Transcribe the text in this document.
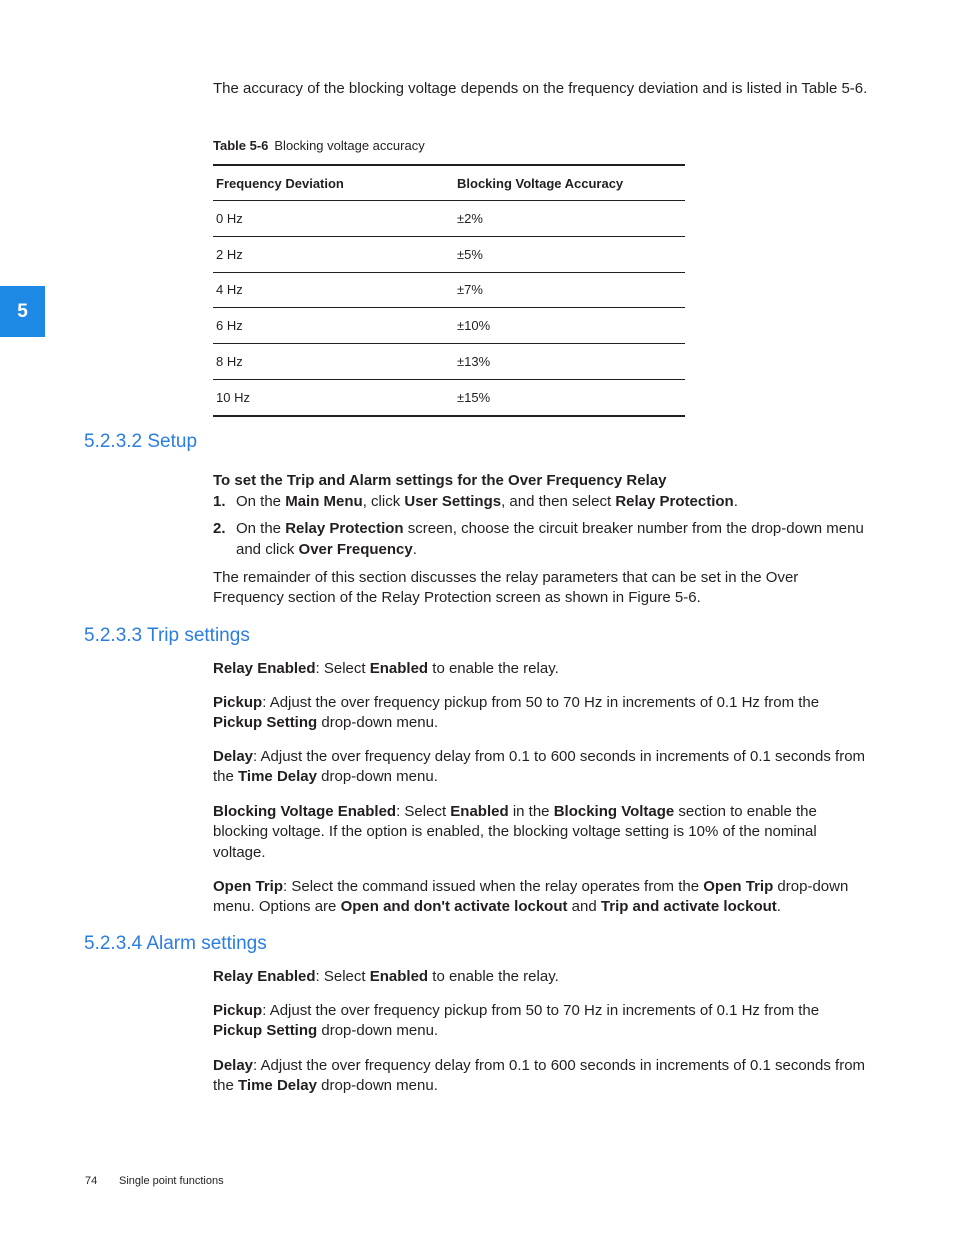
5

The accuracy of the blocking voltage depends on the frequency deviation and is listed in Table 5-6.

Table 5-6 Blocking voltage accuracy
Frequency Deviation	Blocking Voltage Accuracy
0 Hz	±2%
2 Hz	±5%
4 Hz	±7%
6 Hz	±10%
8 Hz	±13%
10 Hz	±15%
5.2.3.2 Setup

To set the Trip and Alarm settings for the Over Frequency Relay

1. On the Main Menu, click User Settings, and then select Relay Protection.
2. On the Relay Protection screen, choose the circuit breaker number from the drop-down menu and click Over Frequency.

The remainder of this section discusses the relay parameters that can be set in the Over Frequency section of the Relay Protection screen as shown in Figure 5-6.

5.2.3.3 Trip settings

Relay Enabled: Select Enabled to enable the relay.

Pickup: Adjust the over frequency pickup from 50 to 70 Hz in increments of 0.1 Hz from the Pickup Setting drop-down menu.

Delay: Adjust the over frequency delay from 0.1 to 600 seconds in increments of 0.1 seconds from the Time Delay drop-down menu.

Blocking Voltage Enabled: Select Enabled in the Blocking Voltage section to enable the blocking voltage. If the option is enabled, the blocking voltage setting is 10% of the nominal voltage.

Open Trip: Select the command issued when the relay operates from the Open Trip drop-down menu. Options are Open and don't activate lockout and Trip and activate lockout.

5.2.3.4 Alarm settings

Relay Enabled: Select Enabled to enable the relay.

Pickup: Adjust the over frequency pickup from 50 to 70 Hz in increments of 0.1 Hz from the Pickup Setting drop-down menu.

Delay: Adjust the over frequency delay from 0.1 to 600 seconds in increments of 0.1 seconds from the Time Delay drop-down menu.

74 Single point functions
